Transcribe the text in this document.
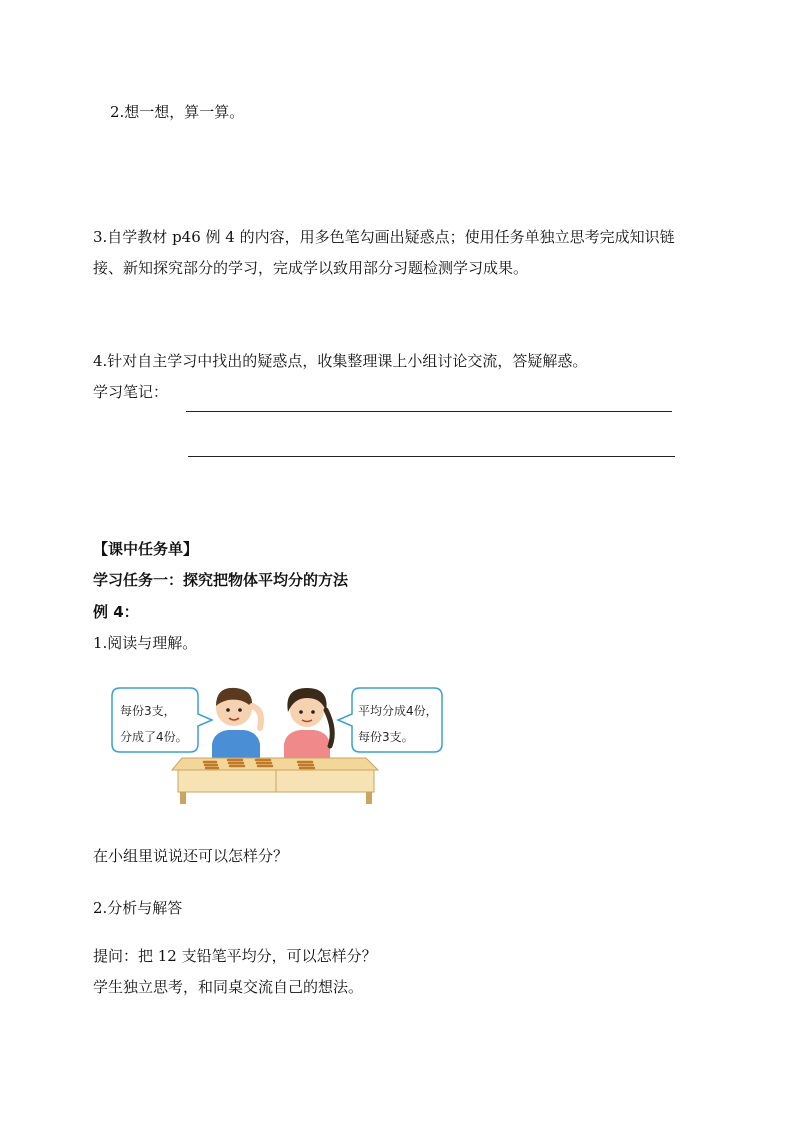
2.想一想，算一算。
3.自学教材 p46 例 4 的内容，用多色笔勾画出疑惑点；使用任务单独立思考完成知识链
接、新知探究部分的学习，完成学以致用部分习题检测学习成果。
4.针对自主学习中找出的疑惑点，收集整理课上小组讨论交流，答疑解惑。
学习笔记：
【课中任务单】
学习任务一：探究把物体平均分的方法
例 4：
1.阅读与理解。
每份3支，
分成了4份。
平均分成4份，
每份3支。
在小组里说说还可以怎样分？
2.分析与解答
提问：把 12 支铅笔平均分，可以怎样分？
学生独立思考，和同桌交流自己的想法。
